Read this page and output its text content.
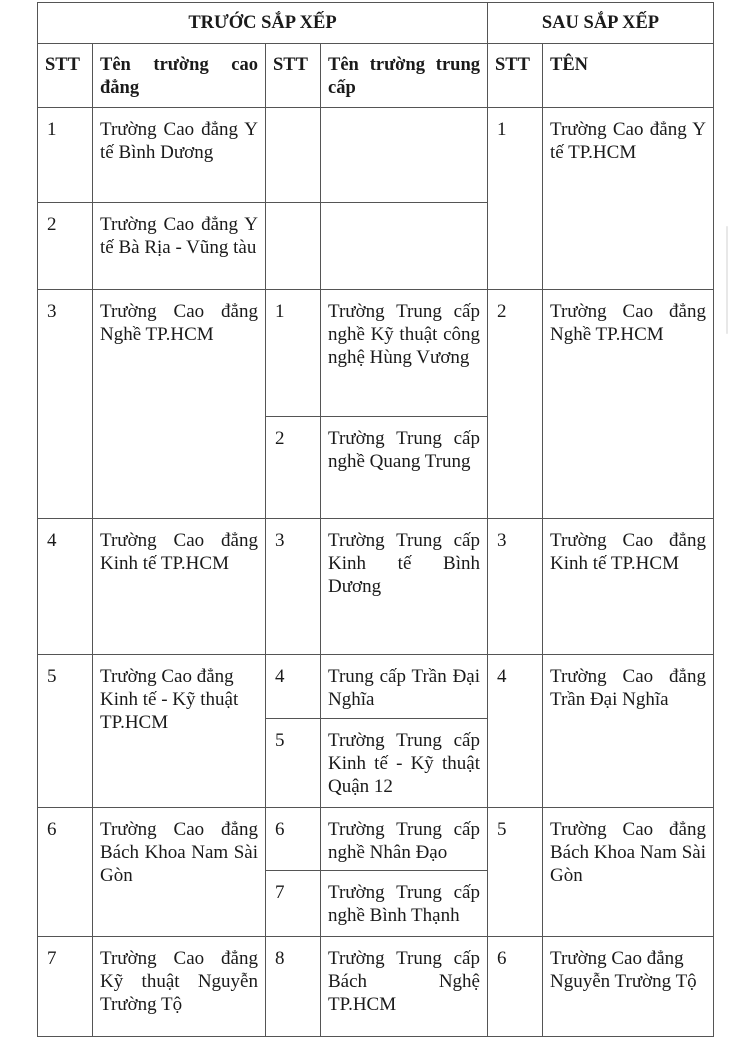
TRƯỚC SẮP XẾP				SAU SẮP XẾP	

STT	Tên trường cao đẳng	STT	Tên trường trung cấp	STT	TÊN

1	Trường Cao đẳng Y tế Bình Dương			1	Trường Cao đẳng Y tế TP.HCM

2	Trường Cao đẳng Y tế Bà Rịa - Vũng tàu				

3	Trường Cao đẳng Nghề TP.HCM	1	Trường Trung cấp nghề Kỹ thuật công nghệ Hùng Vương	2	Trường Cao đẳng Nghề TP.HCM

		2	Trường Trung cấp nghề Quang Trung		

4	Trường Cao đẳng Kinh tế TP.HCM	3	Trường Trung cấp Kinh tế Bình Dương	3	Trường Cao đẳng Kinh tế TP.HCM

5	Trường Cao đẳng Kinh tế - Kỹ thuật TP.HCM	4	Trung cấp Trần Đại Nghĩa	4	Trường Cao đẳng Trần Đại Nghĩa

		5	Trường Trung cấp Kinh tế - Kỹ thuật Quận 12		

6	Trường Cao đẳng Bách Khoa Nam Sài Gòn	6	Trường Trung cấp nghề Nhân Đạo	5	Trường Cao đẳng Bách Khoa Nam Sài Gòn

		7	Trường Trung cấp nghề Bình Thạnh		

7	Trường Cao đẳng Kỹ thuật Nguyễn Trường Tộ	8	Trường Trung cấp Bách Nghệ TP.HCM	6	Trường Cao đẳng Nguyễn Trường Tộ
